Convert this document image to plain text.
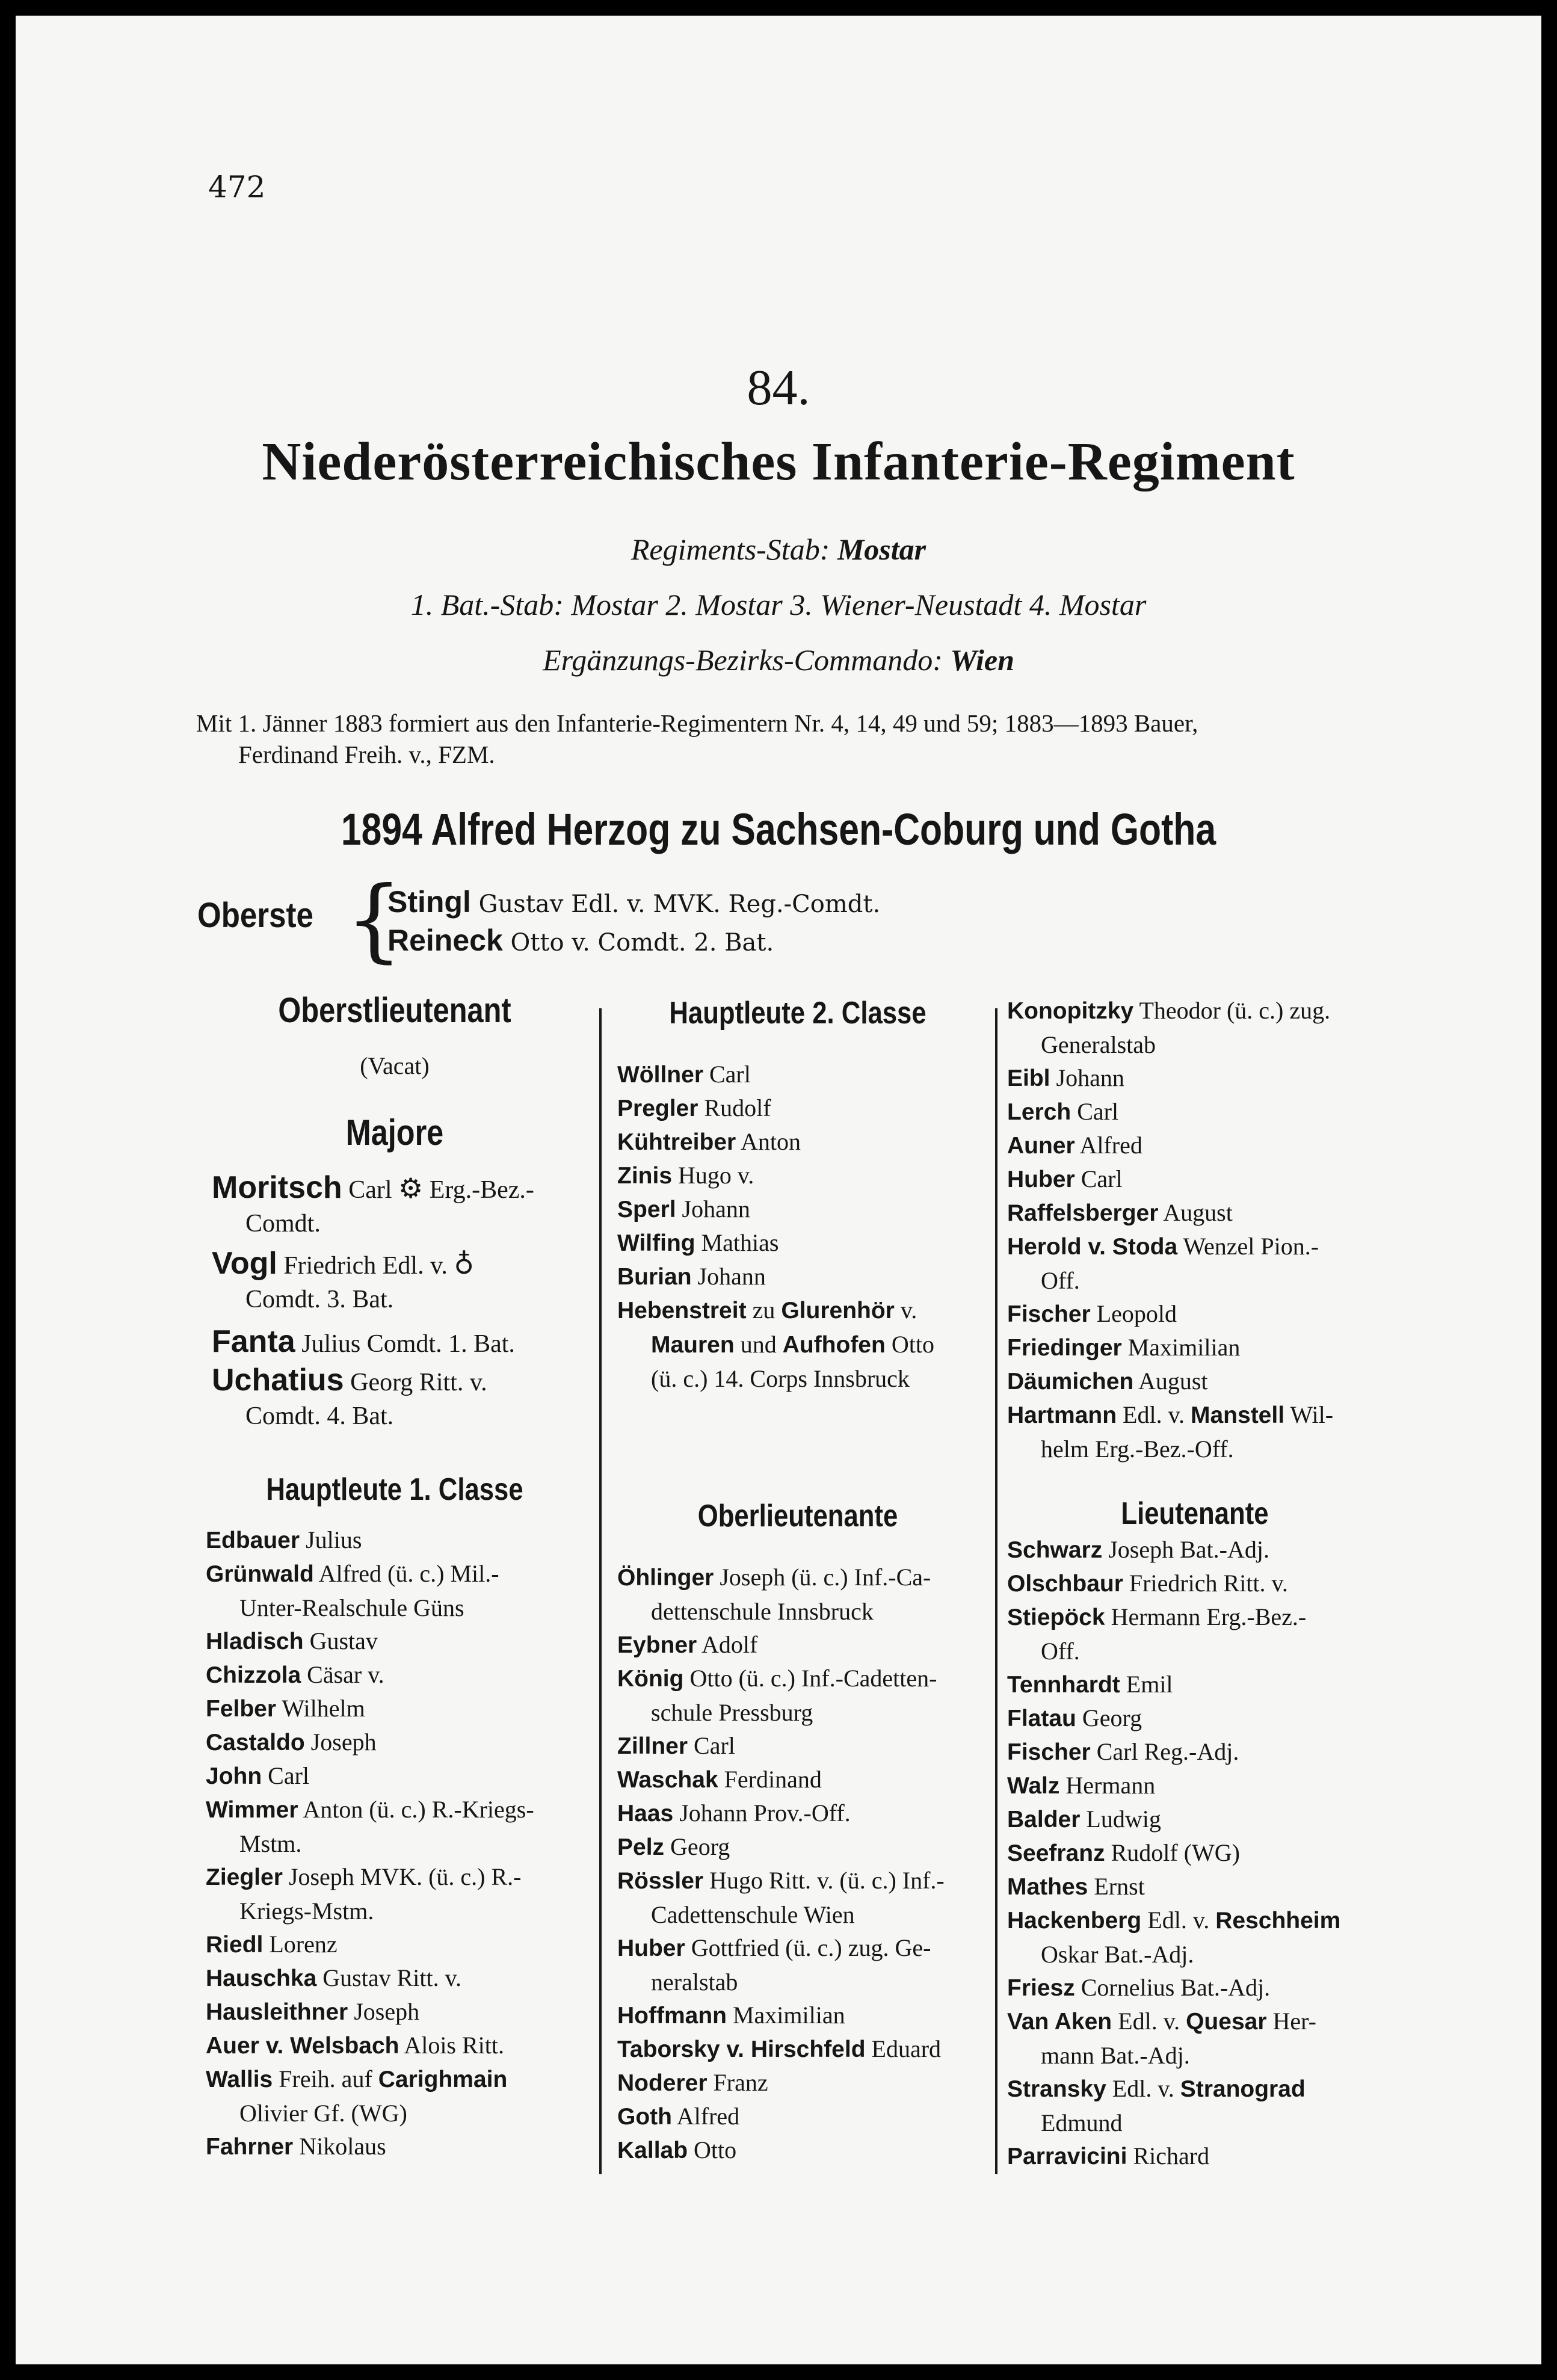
472
84.
Niederösterreichisches Infanterie-Regiment
Regiments-Stab: Mostar
1. Bat.-Stab: Mostar 2. Mostar 3. Wiener-Neustadt 4. Mostar
Ergänzungs-Bezirks-Commando: Wien
Mit 1. Jänner 1883 formiert aus den Infanterie-Regimentern Nr. 4, 14, 49 und 59; 1883—1893 Bauer,
Ferdinand Freih. v., FZM.
1894 Alfred Herzog zu Sachsen-Coburg und Gotha
Oberste {
Stingl Gustav Edl. v. MVK. Reg.-Comdt.
Reineck Otto v. Comdt. 2. Bat.
Oberstlieutenant
(Vacat)
Majore
Moritsch Carl ⚙ Erg.-Bez.-
Comdt.
Vogl Friedrich Edl. v. ♁
Comdt. 3. Bat.
Fanta Julius Comdt. 1. Bat.
Uchatius Georg Ritt. v.
Comdt. 4. Bat.
Hauptleute 1. Classe
Edbauer Julius
Grünwald Alfred (ü. c.) Mil.-
Unter-Realschule Güns
Hladisch Gustav
Chizzola Cäsar v.
Felber Wilhelm
Castaldo Joseph
John Carl
Wimmer Anton (ü. c.) R.-Kriegs-
Mstm.
Ziegler Joseph MVK. (ü. c.) R.-
Kriegs-Mstm.
Riedl Lorenz
Hauschka Gustav Ritt. v.
Hausleithner Joseph
Auer v. Welsbach Alois Ritt.
Wallis Freih. auf Carighmain
Olivier Gf. (WG)
Fahrner Nikolaus
Hauptleute 2. Classe
Wöllner Carl
Pregler Rudolf
Kühtreiber Anton
Zinis Hugo v.
Sperl Johann
Wilfing Mathias
Burian Johann
Hebenstreit zu Glurenhör v.
Mauren und Aufhofen Otto
(ü. c.) 14. Corps Innsbruck
Oberlieutenante
Öhlinger Joseph (ü. c.) Inf.-Ca-
dettenschule Innsbruck
Eybner Adolf
König Otto (ü. c.) Inf.-Cadetten-
schule Pressburg
Zillner Carl
Waschak Ferdinand
Haas Johann Prov.-Off.
Pelz Georg
Rössler Hugo Ritt. v. (ü. c.) Inf.-
Cadettenschule Wien
Huber Gottfried (ü. c.) zug. Ge-
neralstab
Hoffmann Maximilian
Taborsky v. Hirschfeld Eduard
Noderer Franz
Goth Alfred
Kallab Otto
Konopitzky Theodor (ü. c.) zug.
Generalstab
Eibl Johann
Lerch Carl
Auner Alfred
Huber Carl
Raffelsberger August
Herold v. Stoda Wenzel Pion.-
Off.
Fischer Leopold
Friedinger Maximilian
Däumichen August
Hartmann Edl. v. Manstell Wil-
helm Erg.-Bez.-Off.
Lieutenante
Schwarz Joseph Bat.-Adj.
Olschbaur Friedrich Ritt. v.
Stiepöck Hermann Erg.-Bez.-
Off.
Tennhardt Emil
Flatau Georg
Fischer Carl Reg.-Adj.
Walz Hermann
Balder Ludwig
Seefranz Rudolf (WG)
Mathes Ernst
Hackenberg Edl. v. Reschheim
Oskar Bat.-Adj.
Friesz Cornelius Bat.-Adj.
Van Aken Edl. v. Quesar Her-
mann Bat.-Adj.
Stransky Edl. v. Stranograd
Edmund
Parravicini Richard
